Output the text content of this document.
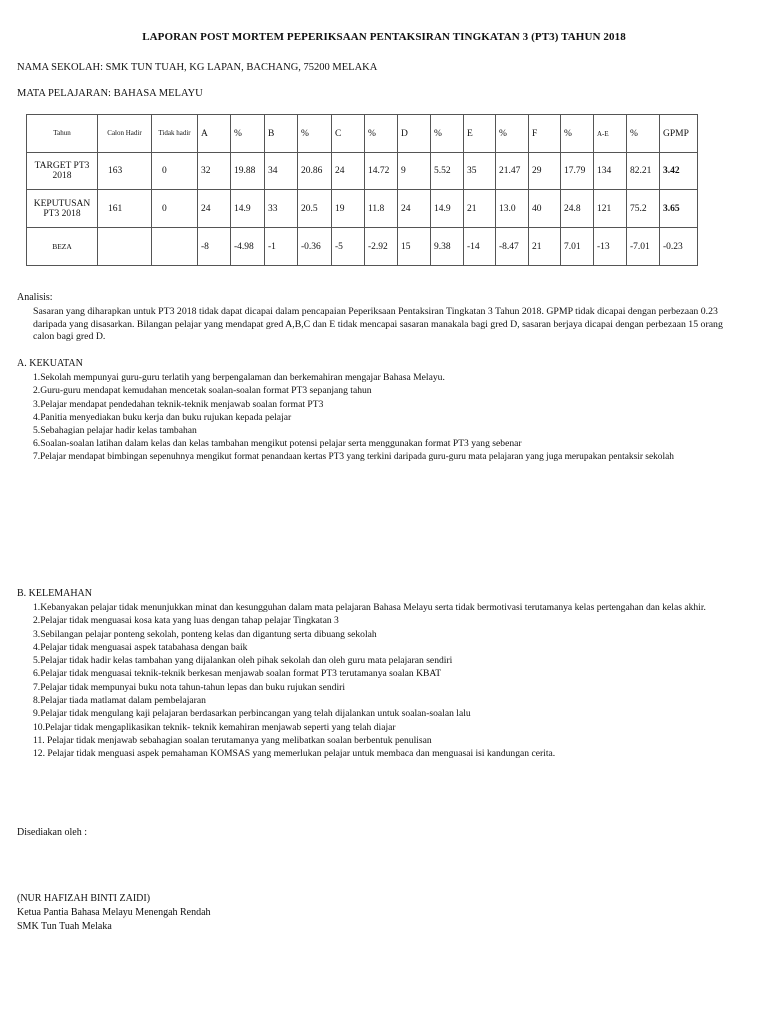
LAPORAN POST MORTEM PEPERIKSAAN PENTAKSIRAN TINGKATAN 3 (PT3) TAHUN 2018
NAMA SEKOLAH: SMK TUN TUAH, KG LAPAN, BACHANG, 75200 MELAKA
MATA PELAJARAN: BAHASA MELAYU
Tahun	Calon Hadir	Tidak hadir	A	%	B	%	C	%	D	%	E	%	F	%	A-E	%	GPMP
TARGET PT3 2018	163	0	32	19.88	34	20.86	24	14.72	9	5.52	35	21.47	29	17.79	134	82.21	3.42
KEPUTUSAN PT3 2018	161	0	24	14.9	33	20.5	19	11.8	24	14.9	21	13.0	40	24.8	121	75.2	3.65
BEZA			-8	-4.98	-1	-0.36	-5	-2.92	15	9.38	-14	-8.47	21	7.01	-13	-7.01	-0.23
Analisis:
Sasaran yang diharapkan untuk PT3 2018 tidak dapat dicapai dalam pencapaian Peperiksaan Pentaksiran Tingkatan 3 Tahun 2018. GPMP tidak dicapai dengan perbezaan 0.23 daripada yang disasarkan. Bilangan pelajar yang mendapat gred A,B,C dan E tidak mencapai sasaran manakala bagi gred D, sasaran berjaya dicapai dengan perbezaan 15 orang calon bagi gred D.
A. KEKUATAN
1.Sekolah mempunyai guru-guru terlatih yang berpengalaman dan berkemahiran mengajar Bahasa Melayu.
2.Guru-guru mendapat kemudahan mencetak soalan-soalan format PT3 sepanjang tahun
3.Pelajar mendapat pendedahan teknik-teknik menjawab soalan format PT3
4.Panitia menyediakan buku kerja dan buku rujukan kepada pelajar
5.Sebahagian pelajar hadir kelas tambahan
6.Soalan-soalan latihan dalam kelas dan kelas tambahan mengikut potensi pelajar serta menggunakan format PT3 yang sebenar
7.Pelajar mendapat bimbingan sepenuhnya mengikut format penandaan kertas PT3 yang terkini daripada guru-guru mata pelajaran yang juga merupakan pentaksir sekolah
B. KELEMAHAN
1.Kebanyakan pelajar tidak menunjukkan minat dan kesungguhan dalam mata pelajaran Bahasa Melayu serta tidak bermotivasi terutamanya kelas pertengahan dan kelas akhir.
2.Pelajar tidak menguasai kosa kata yang luas dengan tahap pelajar Tingkatan 3
3.Sebilangan pelajar ponteng sekolah, ponteng kelas dan digantung serta dibuang sekolah
4.Pelajar tidak menguasai aspek tatabahasa dengan baik
5.Pelajar tidak hadir kelas tambahan yang dijalankan oleh pihak sekolah dan oleh guru mata pelajaran sendiri
6.Pelajar tidak menguasai teknik-teknik berkesan menjawab soalan format PT3 terutamanya soalan KBAT
7.Pelajar tidak mempunyai buku nota tahun-tahun lepas dan buku rujukan sendiri
8.Pelajar tiada matlamat dalam pembelajaran
9.Pelajar tidak mengulang kaji pelajaran berdasarkan perbincangan yang telah dijalankan untuk soalan-soalan lalu
10.Pelajar tidak mengaplikasikan teknik- teknik kemahiran menjawab seperti yang telah diajar
11. Pelajar tidak menjawab sebahagian soalan terutamanya yang melibatkan soalan berbentuk penulisan
12. Pelajar tidak menguasi aspek pemahaman KOMSAS yang memerlukan pelajar untuk membaca dan menguasai isi kandungan cerita.
Disediakan oleh :
(NUR HAFIZAH BINTI ZAIDI)
Ketua Pantia Bahasa Melayu Menengah Rendah
SMK Tun Tuah Melaka
